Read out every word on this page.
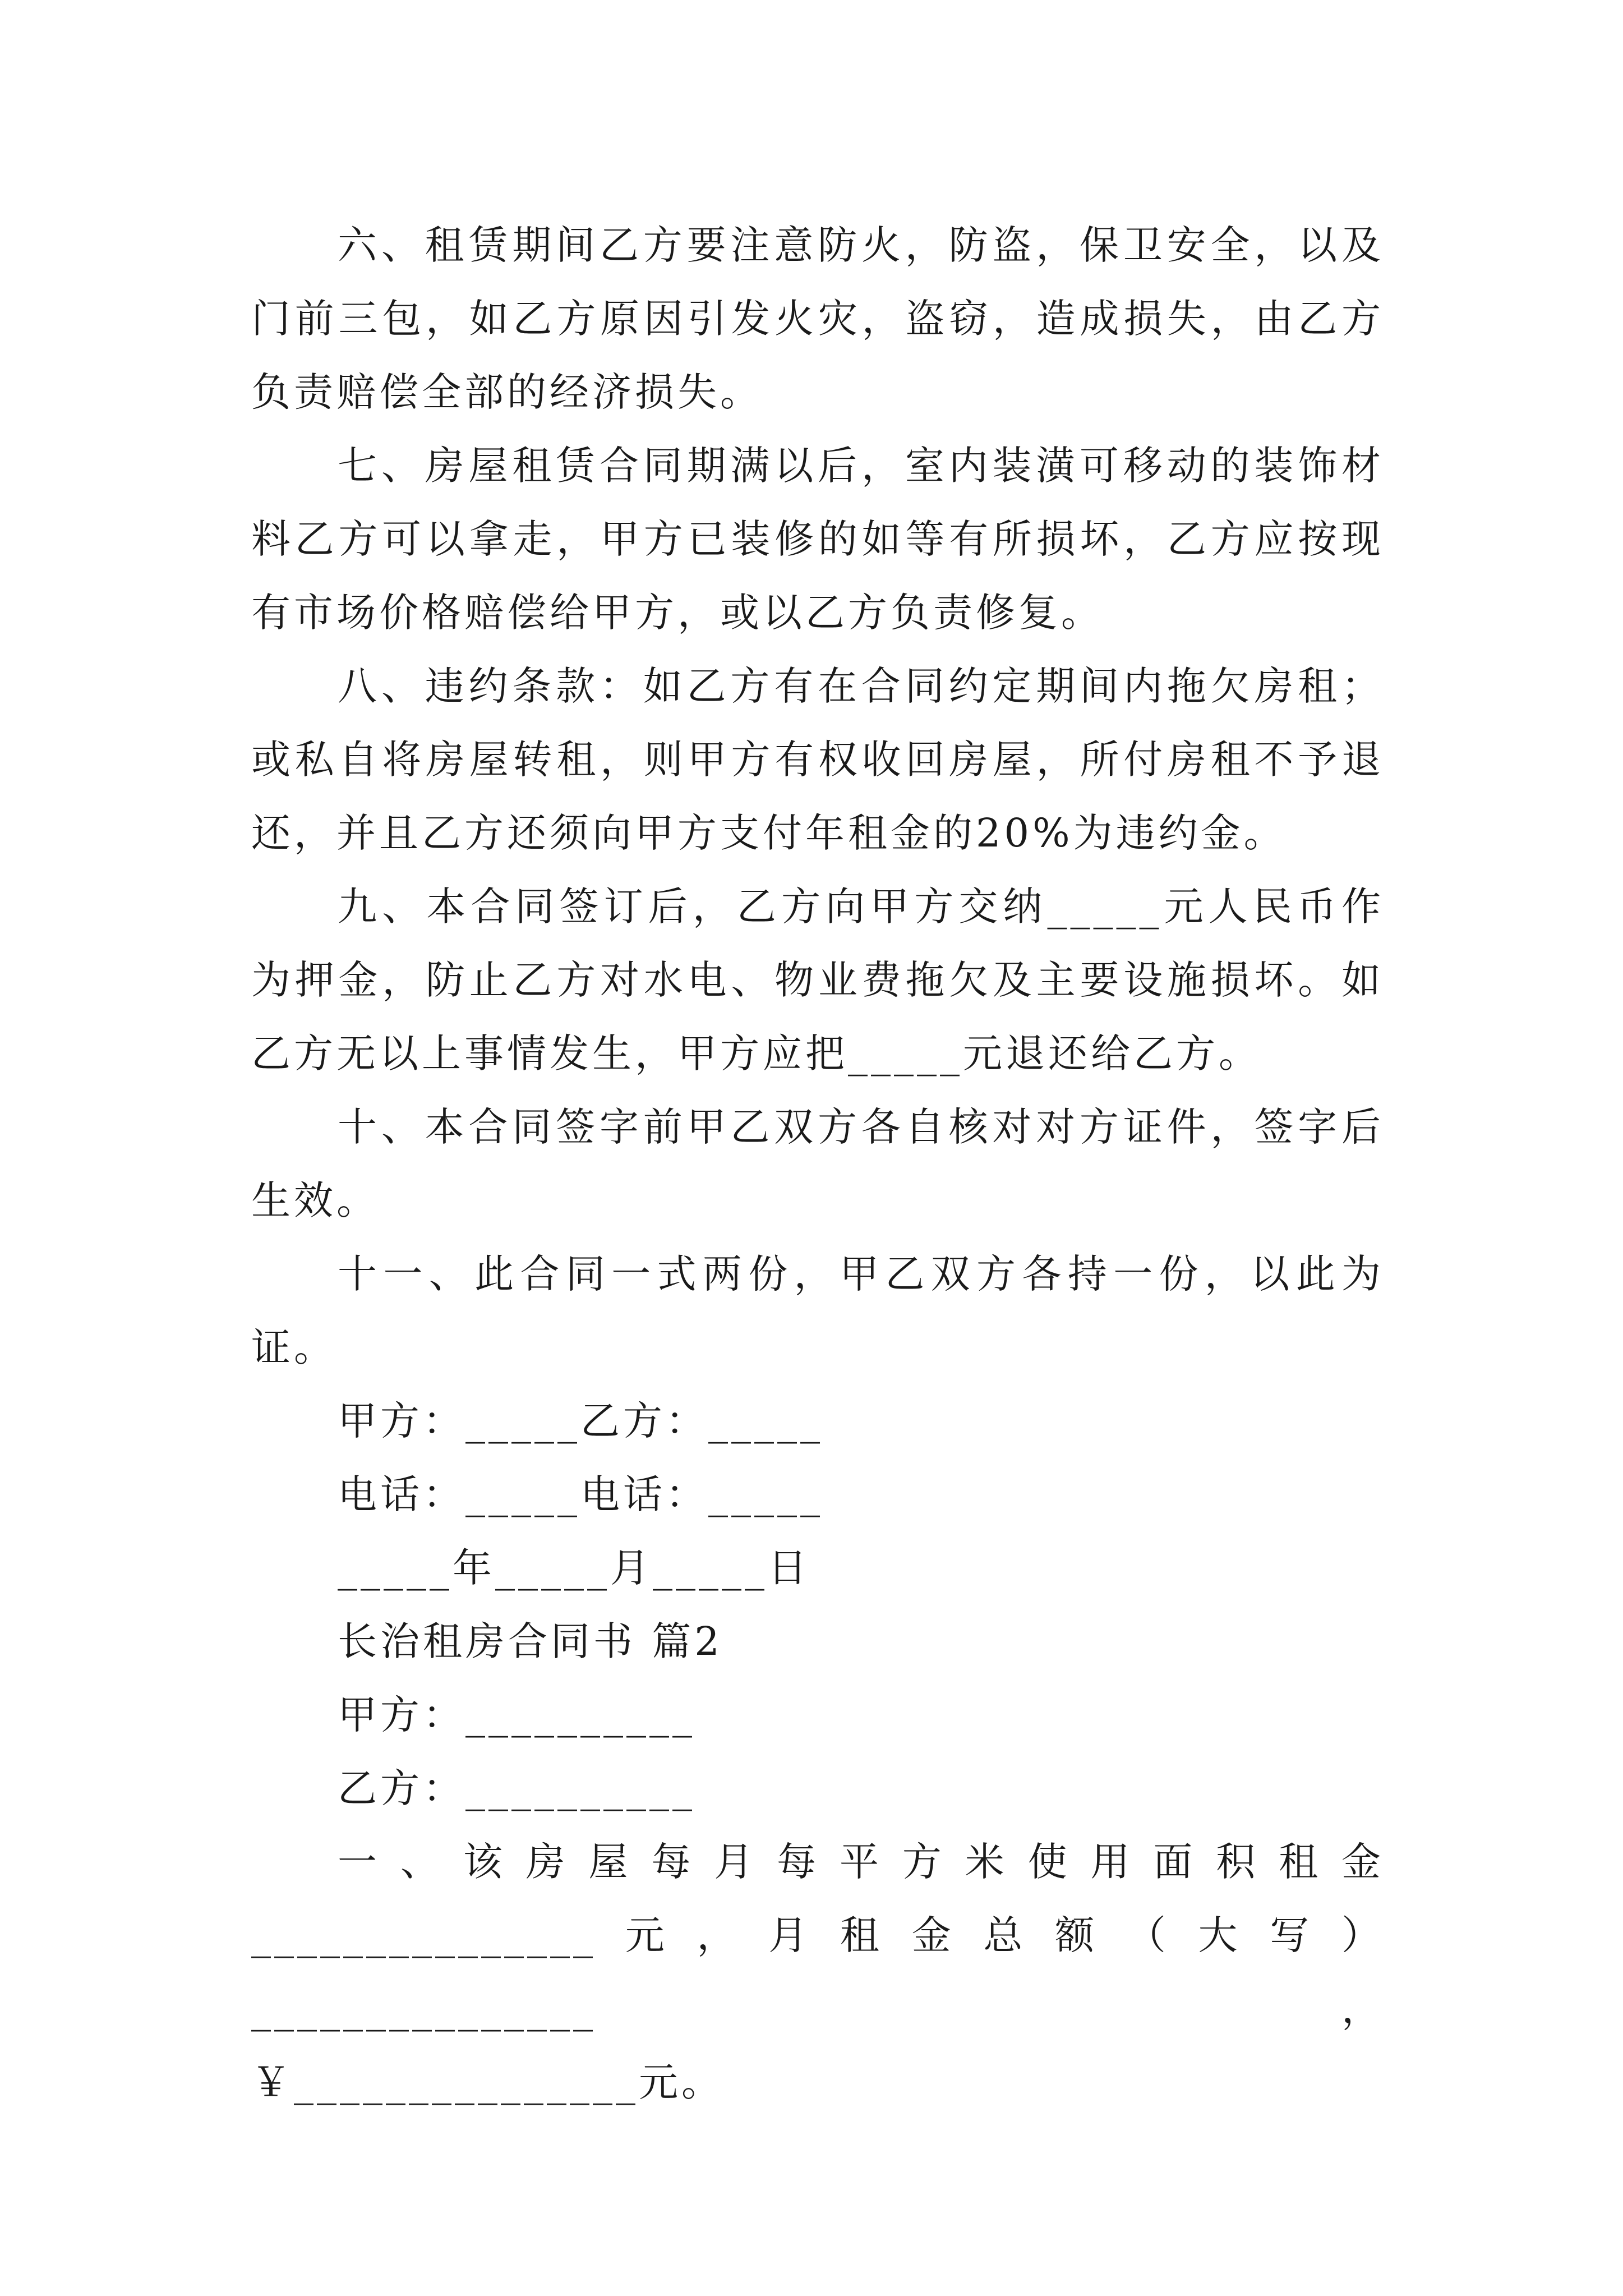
六、租赁期间乙方要注意防火，防盗，保卫安全，以及门前三包，如乙方原因引发火灾，盗窃，造成损失，由乙方负责赔偿全部的经济损失。

七、房屋租赁合同期满以后，室内装潢可移动的装饰材料乙方可以拿走，甲方已装修的如等有所损坏，乙方应按现有市场价格赔偿给甲方，或以乙方负责修复。

八、违约条款：如乙方有在合同约定期间内拖欠房租；或私自将房屋转租，则甲方有权收回房屋，所付房租不予退还，并且乙方还须向甲方支付年租金的20%为违约金。

九、本合同签订后，乙方向甲方交纳_____元人民币作为押金，防止乙方对水电、物业费拖欠及主要设施损坏。如乙方无以上事情发生，甲方应把_____元退还给乙方。

十、本合同签字前甲乙双方各自核对对方证件，签字后生效。

十一、此合同一式两份，甲乙双方各持一份，以此为证。

甲方：_____乙方：_____

电话：_____电话：_____

_____年_____月_____日

长治租房合同书 篇2

甲方：__________

乙方：__________

一、该房屋每月每平方米使用面积租金_______________元，月租金总额（大写）_______________，

￥_______________元。
